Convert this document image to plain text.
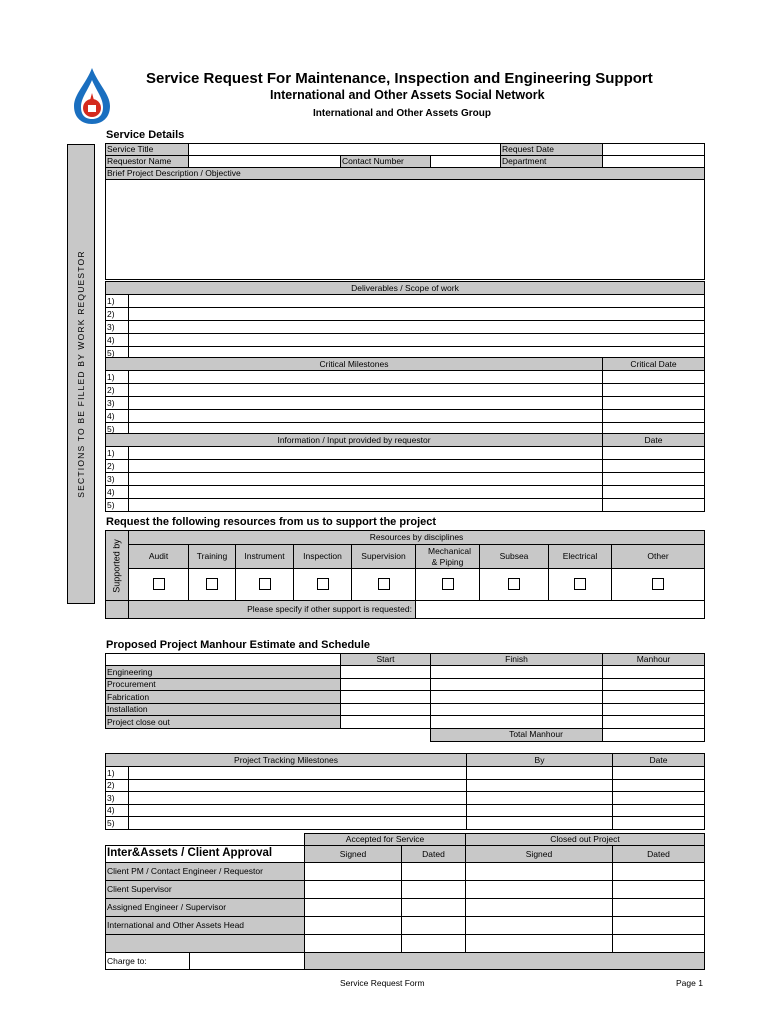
Service Request For Maintenance, Inspection and Engineering Support
International and Other Assets Social Network
International and Other Assets Group
SECTIONS TO BE FILLED BY WORK REQUESTOR
Service Details
Service Title				Request Date	
Requestor Name		Contact Number		Department	
Brief Project Description / Objective					

Deliverables / Scope of work	
1)	
2)	
3)	
4)	
5)	
Critical Milestones		Critical Date
1)		
2)		
3)		
4)		
5)		
Information / Input provided by requestor		Date
1)		
2)		
3)		
4)		
5)		
Request the following resources from us to support the project
Supported by	Resources by disciplines								
	Audit	Training	Instrument	Inspection	Supervision	Mechanical & Piping	Subsea	Electrical	Other

	Please specify if other support is requested:								
Proposed Project Manhour Estimate and Schedule
	Start	Finish	Manhour
Engineering			
Procurement			
Fabrication			
Installation			
Project close out			
		Total Manhour	
Project Tracking Milestones		By	Date
1)			
2)			
3)			
4)			
5)			
	Accepted for Service		Closed out Project	
Inter&Assets / Client Approval	Signed	Dated	Signed	Dated
Client PM / Contact Engineer / Requestor				
Client Supervisor				
Assigned Engineer / Supervisor				
International and Other Assets Head				

Charge to:				

Service Request Form	Page 1
